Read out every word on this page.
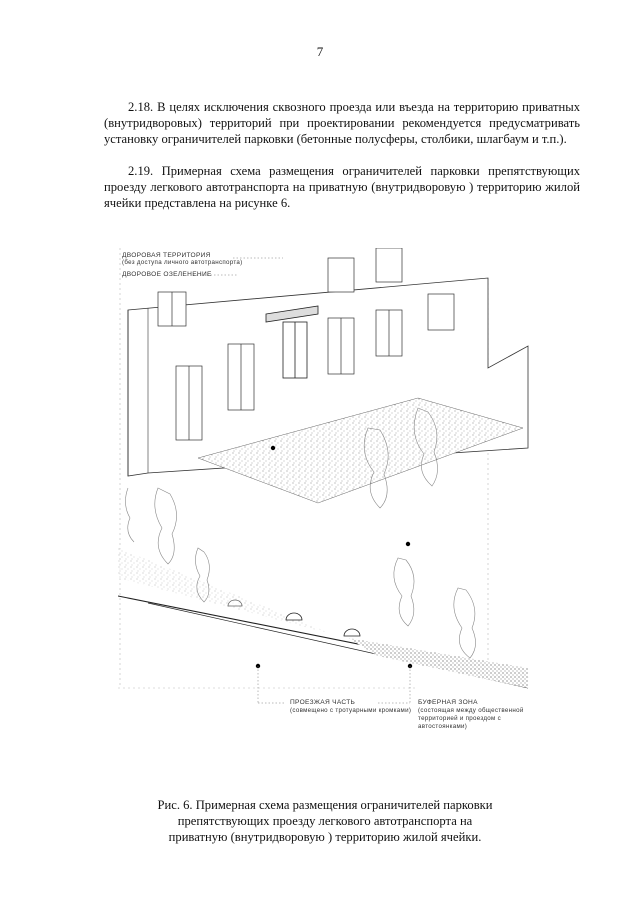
7

2.18. В целях исключения сквозного проезда или въезда на территорию приватных (внутридворовых) территорий при проектировании рекомендуется предусматривать установку ограничителей парковки (бетонные полусферы, столбики, шлагбаум и т.п.).

2.19. Примерная схема размещения ограничителей парковки препятствующих проезду легкового автотранспорта на приватную (внутридворовую ) территорию жилой ячейки представлена на рисунке 6.

ДВОРОВАЯ ТЕРРИТОРИЯ
(без доступа личного автотранспорта)
ДВОРОВОЕ ОЗЕЛЕНЕНИЕ
ПРОЕЗЖАЯ ЧАСТЬ
(совмещено с тротуарными кромками)
БУФЕРНАЯ ЗОНА
(состоящая между общественной
территорией и проездом с
автостоянками)

Рис. 6. Примерная схема размещения ограничителей парковки препятствующих проезду легкового автотранспорта на приватную (внутридворовую ) территорию жилой ячейки.
